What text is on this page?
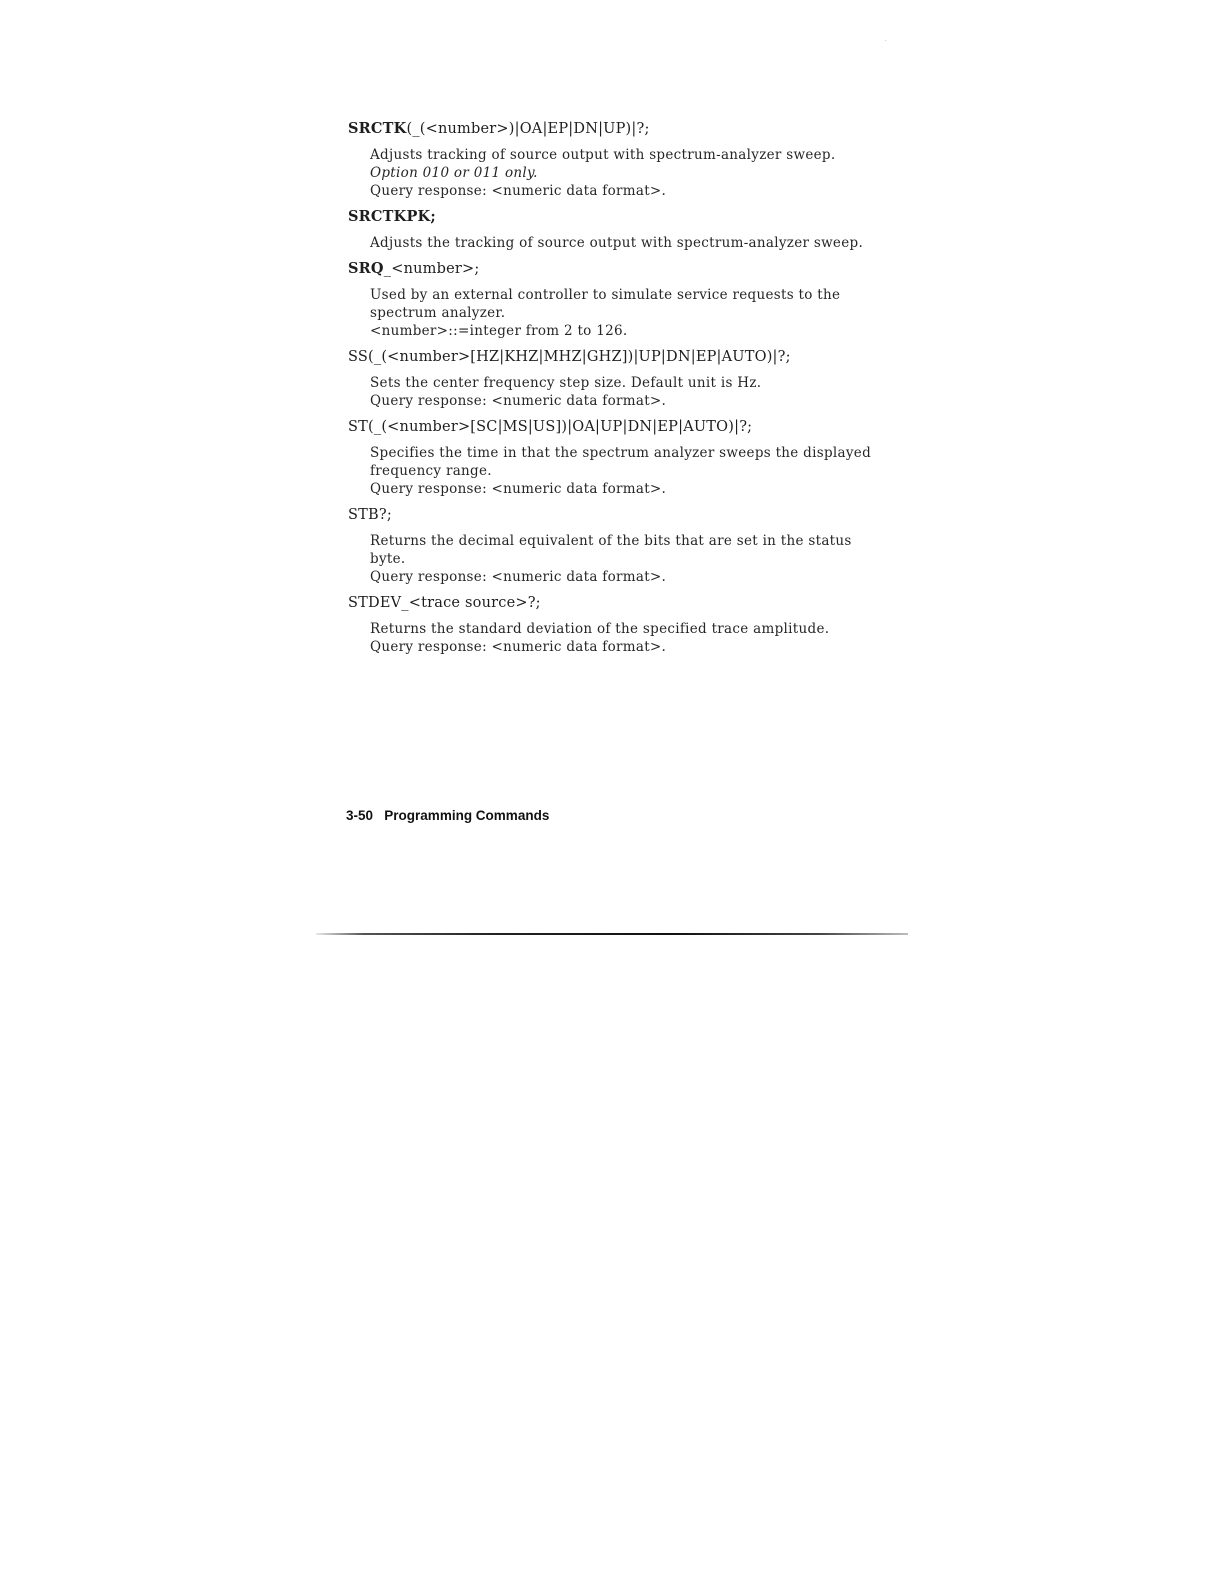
SRCTK(_(<number>)|OA|EP|DN|UP)|?;
Adjusts tracking of source output with spectrum-analyzer sweep. Option 010 or 011 only.
Query response: <numeric data format>.
SRCTKPK;
Adjusts the tracking of source output with spectrum-analyzer sweep.
SRQ_<number>;
Used by an external controller to simulate service requests to the spectrum analyzer.
<number>::=integer from 2 to 126.
SS(_(<number>[HZ|KHZ|MHZ|GHZ])|UP|DN|EP|AUTO)|?;
Sets the center frequency step size. Default unit is Hz.
Query response: <numeric data format>.
ST(_(<number>[SC|MS|US])|OA|UP|DN|EP|AUTO)|?;
Specifies the time in that the spectrum analyzer sweeps the displayed frequency range.
Query response: <numeric data format>.
STB?;
Returns the decimal equivalent of the bits that are set in the status byte.
Query response: <numeric data format>.
STDEV_<trace source>?;
Returns the standard deviation of the specified trace amplitude.
Query response: <numeric data format>.
3-50 Programming Commands
